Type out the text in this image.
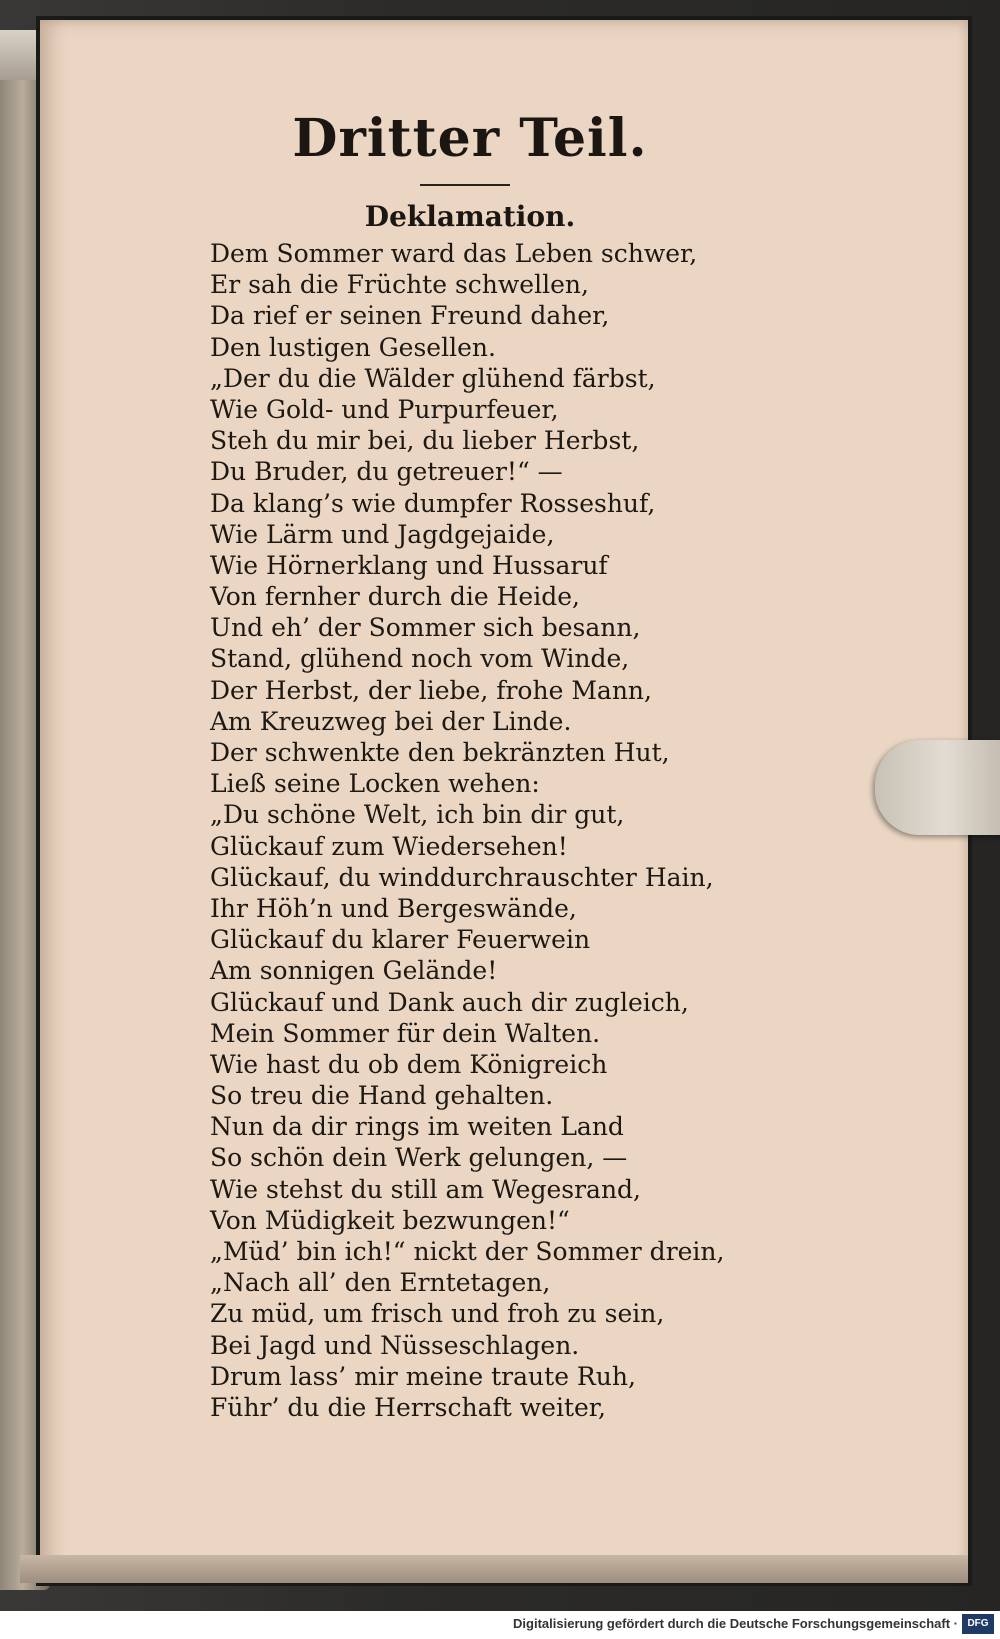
Dritter Teil.
Deklamation.
Dem Sommer ward das Leben schwer,
Er sah die Früchte schwellen,
Da rief er seinen Freund daher,
Den lustigen Gesellen.
„Der du die Wälder glühend färbst,
Wie Gold- und Purpurfeuer,
Steh du mir bei, du lieber Herbst,
Du Bruder, du getreuer!“ —
Da klang’s wie dumpfer Rosseshuf,
Wie Lärm und Jagdgejaide,
Wie Hörnerklang und Hussaruf
Von fernher durch die Heide,
Und eh’ der Sommer sich besann,
Stand, glühend noch vom Winde,
Der Herbst, der liebe, frohe Mann,
Am Kreuzweg bei der Linde.
Der schwenkte den bekränzten Hut,
Ließ seine Locken wehen:
„Du schöne Welt, ich bin dir gut,
Glückauf zum Wiedersehen!
Glückauf, du winddurchrauschter Hain,
Ihr Höh’n und Bergeswände,
Glückauf du klarer Feuerwein
Am sonnigen Gelände!
Glückauf und Dank auch dir zugleich,
Mein Sommer für dein Walten.
Wie hast du ob dem Königreich
So treu die Hand gehalten.
Nun da dir rings im weiten Land
So schön dein Werk gelungen, —
Wie stehst du still am Wegesrand,
Von Müdigkeit bezwungen!“
„Müd’ bin ich!“ nickt der Sommer drein,
„Nach all’ den Erntetagen,
Zu müd, um frisch und froh zu sein,
Bei Jagd und Nüsseschlagen.
Drum lass’ mir meine traute Ruh,
Führ’ du die Herrschaft weiter,
Digitalisierung gefördert durch die Deutsche Forschungsgemeinschaft · DFG
